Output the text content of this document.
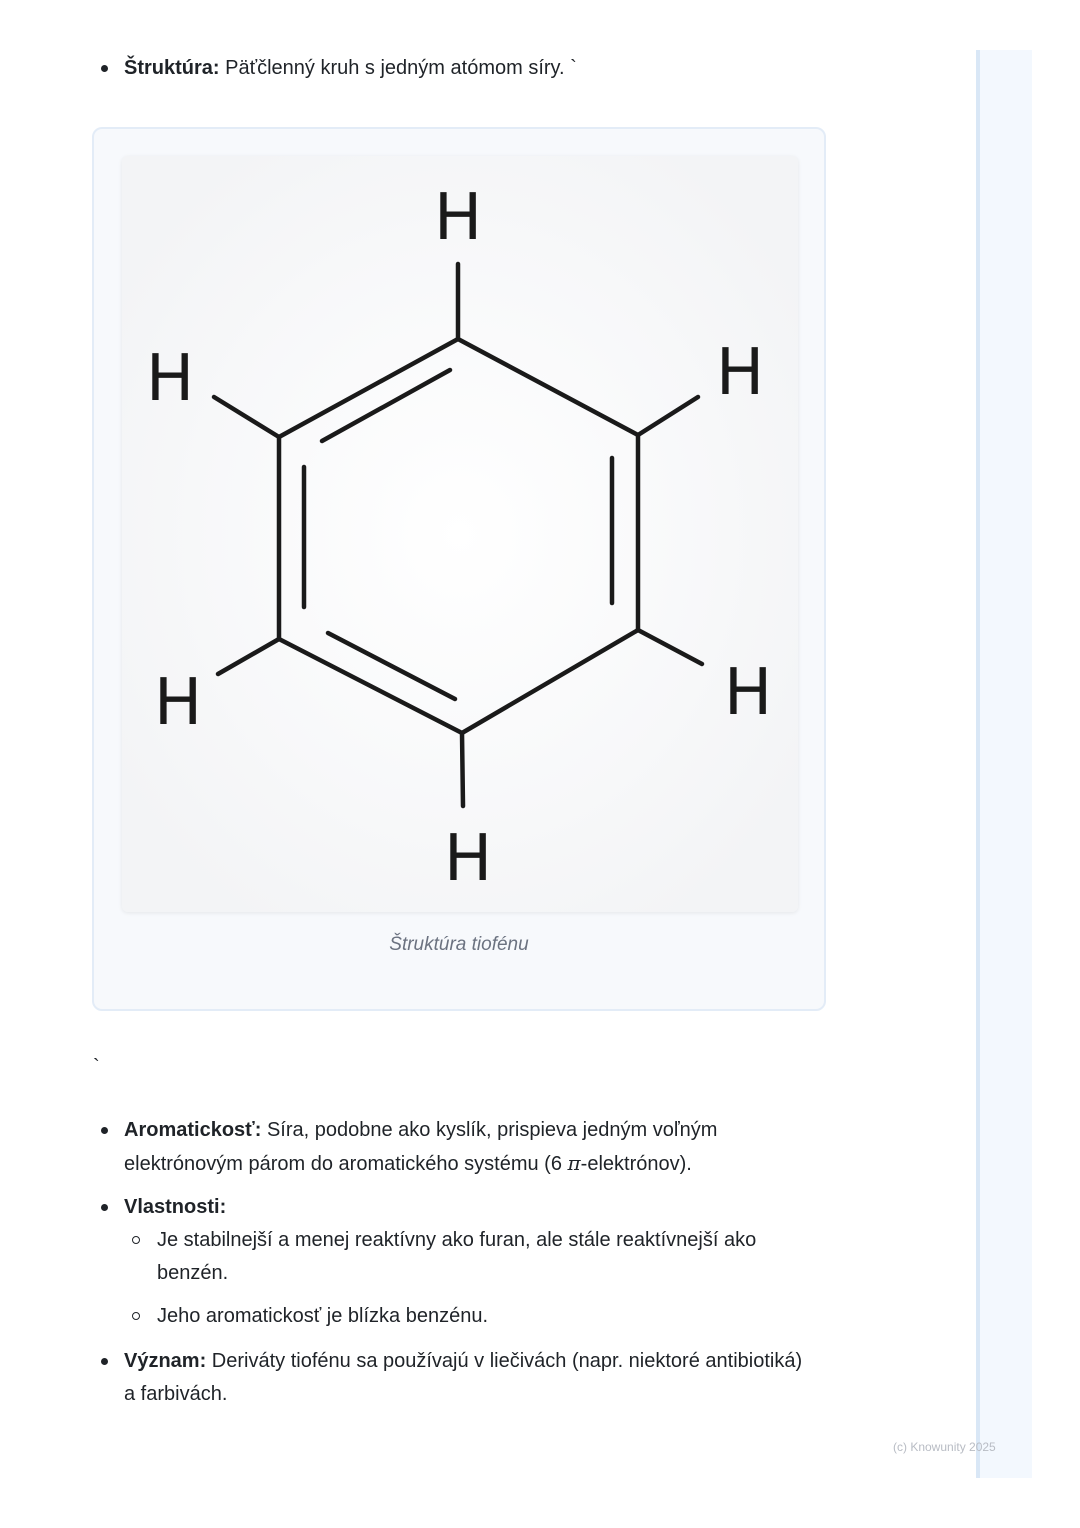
Štruktúra: Päťčlenný kruh s jedným atómom síry. `
H
H
H
H
H
H
Štruktúra tiofénu
`
Aromatickosť: Síra, podobne ako kyslík, prispieva jedným voľným elektrónovým párom do aromatického systému (6 π-elektrónov).
Vlastnosti:
Je stabilnejší a menej reaktívny ako furan, ale stále reaktívnejší ako benzén.
Jeho aromatickosť je blízka benzénu.
Význam: Deriváty tiofénu sa používajú v liečivách (napr. niektoré antibiotiká) a farbivách.
(c) Knowunity 2025
